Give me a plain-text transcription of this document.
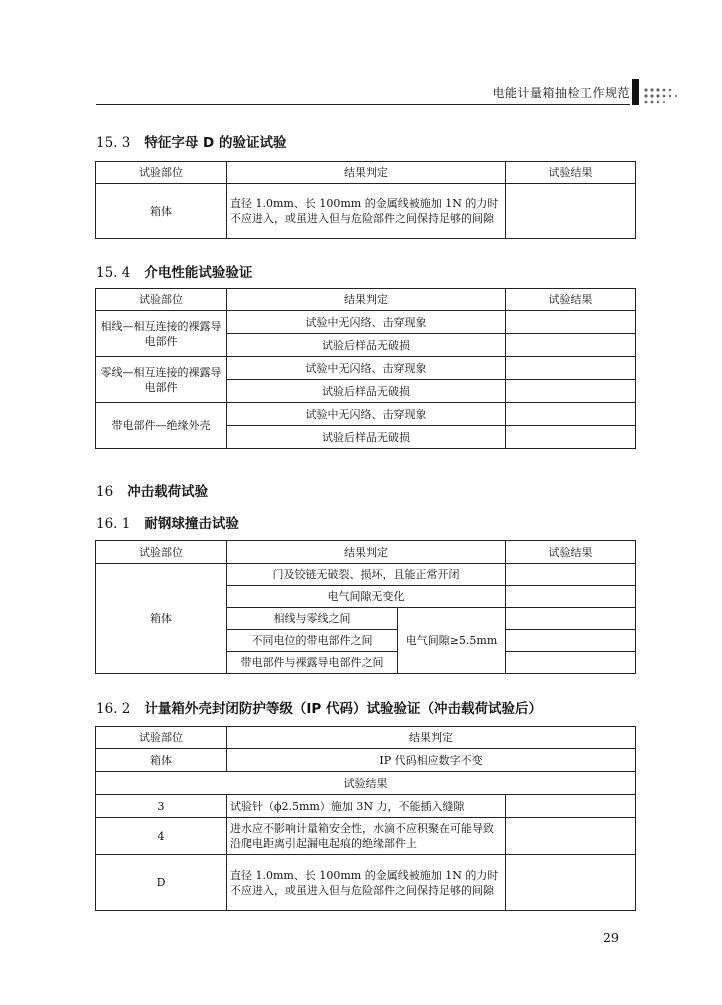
电能计量箱抽检工作规范
15. 3 特征字母 D 的验证试验
试验部位	结果判定	试验结果
箱体	直径 1.0mm、长 100mm 的金属线被施加 1N 的力时不应进入，或虽进入但与危险部件之间保持足够的间隙	
15. 4 介电性能试验验证
试验部位	结果判定	试验结果
相线—相互连接的裸露导电部件	试验中无闪络、击穿现象	
	试验后样品无破损	
零线—相互连接的裸露导电部件	试验中无闪络、击穿现象	
	试验后样品无破损	
带电部件—绝缘外壳	试验中无闪络、击穿现象	
	试验后样品无破损	
16 冲击载荷试验
16. 1 耐钢球撞击试验
试验部位	结果判定		试验结果
箱体	门及铰链无破裂、损坏，且能正常开闭		
	电气间隙无变化		
	相线与零线之间	电气间隙≥5.5mm	
	不同电位的带电部件之间		
	带电部件与裸露导电部件之间		
16. 2 计量箱外壳封闭防护等级（IP 代码）试验验证（冲击载荷试验后）
试验部位	结果判定	
箱体	IP 代码相应数字不变	
试验结果		
3	试验针（ϕ2.5mm）施加 3N 力，不能插入缝隙	
4	进水应不影响计量箱安全性，水滴不应积聚在可能导致沿爬电距离引起漏电起痕的绝缘部件上	
D	直径 1.0mm、长 100mm 的金属线被施加 1N 的力时不应进入，或虽进入但与危险部件之间保持足够的间隙	
29
